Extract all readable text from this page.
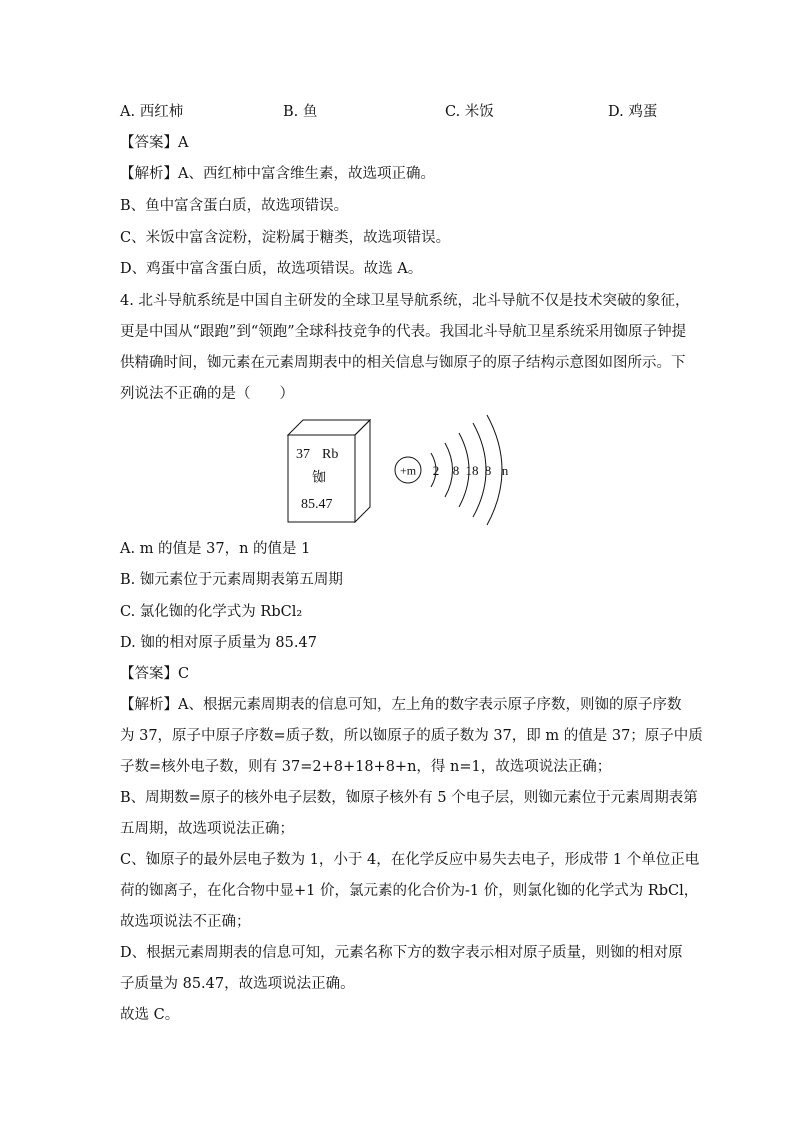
A. 西红柿	B. 鱼	C. 米饭	D. 鸡蛋
【答案】A
【解析】A、西红柿中富含维生素，故选项正确。
B、鱼中富含蛋白质，故选项错误。
C、米饭中富含淀粉，淀粉属于糖类，故选项错误。
D、鸡蛋中富含蛋白质，故选项错误。故选 A。
4. 北斗导航系统是中国自主研发的全球卫星导航系统，北斗导航不仅是技术突破的象征，
更是中国从“跟跑”到“领跑”全球科技竞争的代表。我国北斗导航卫星系统采用铷原子钟提
供精确时间，铷元素在元素周期表中的相关信息与铷原子的原子结构示意图如图所示。下
列说法不正确的是（　　）
37 Rb
铷
85.47
+m 2 8 18 8 n
A. m 的值是 37，n 的值是 1
B. 铷元素位于元素周期表第五周期
C. 氯化铷的化学式为 RbCl₂
D. 铷的相对原子质量为 85.47
【答案】C
【解析】A、根据元素周期表的信息可知，左上角的数字表示原子序数，则铷的原子序数
为 37，原子中原子序数=质子数，所以铷原子的质子数为 37，即 m 的值是 37；原子中质
子数=核外电子数，则有 37=2+8+18+8+n，得 n=1，故选项说法正确；
B、周期数=原子的核外电子层数，铷原子核外有 5 个电子层，则铷元素位于元素周期表第
五周期，故选项说法正确；
C、铷原子的最外层电子数为 1，小于 4，在化学反应中易失去电子，形成带 1 个单位正电
荷的铷离子，在化合物中显+1 价，氯元素的化合价为-1 价，则氯化铷的化学式为 RbCl，
故选项说法不正确；
D、根据元素周期表的信息可知，元素名称下方的数字表示相对原子质量，则铷的相对原
子质量为 85.47，故选项说法正确。
故选 C。
